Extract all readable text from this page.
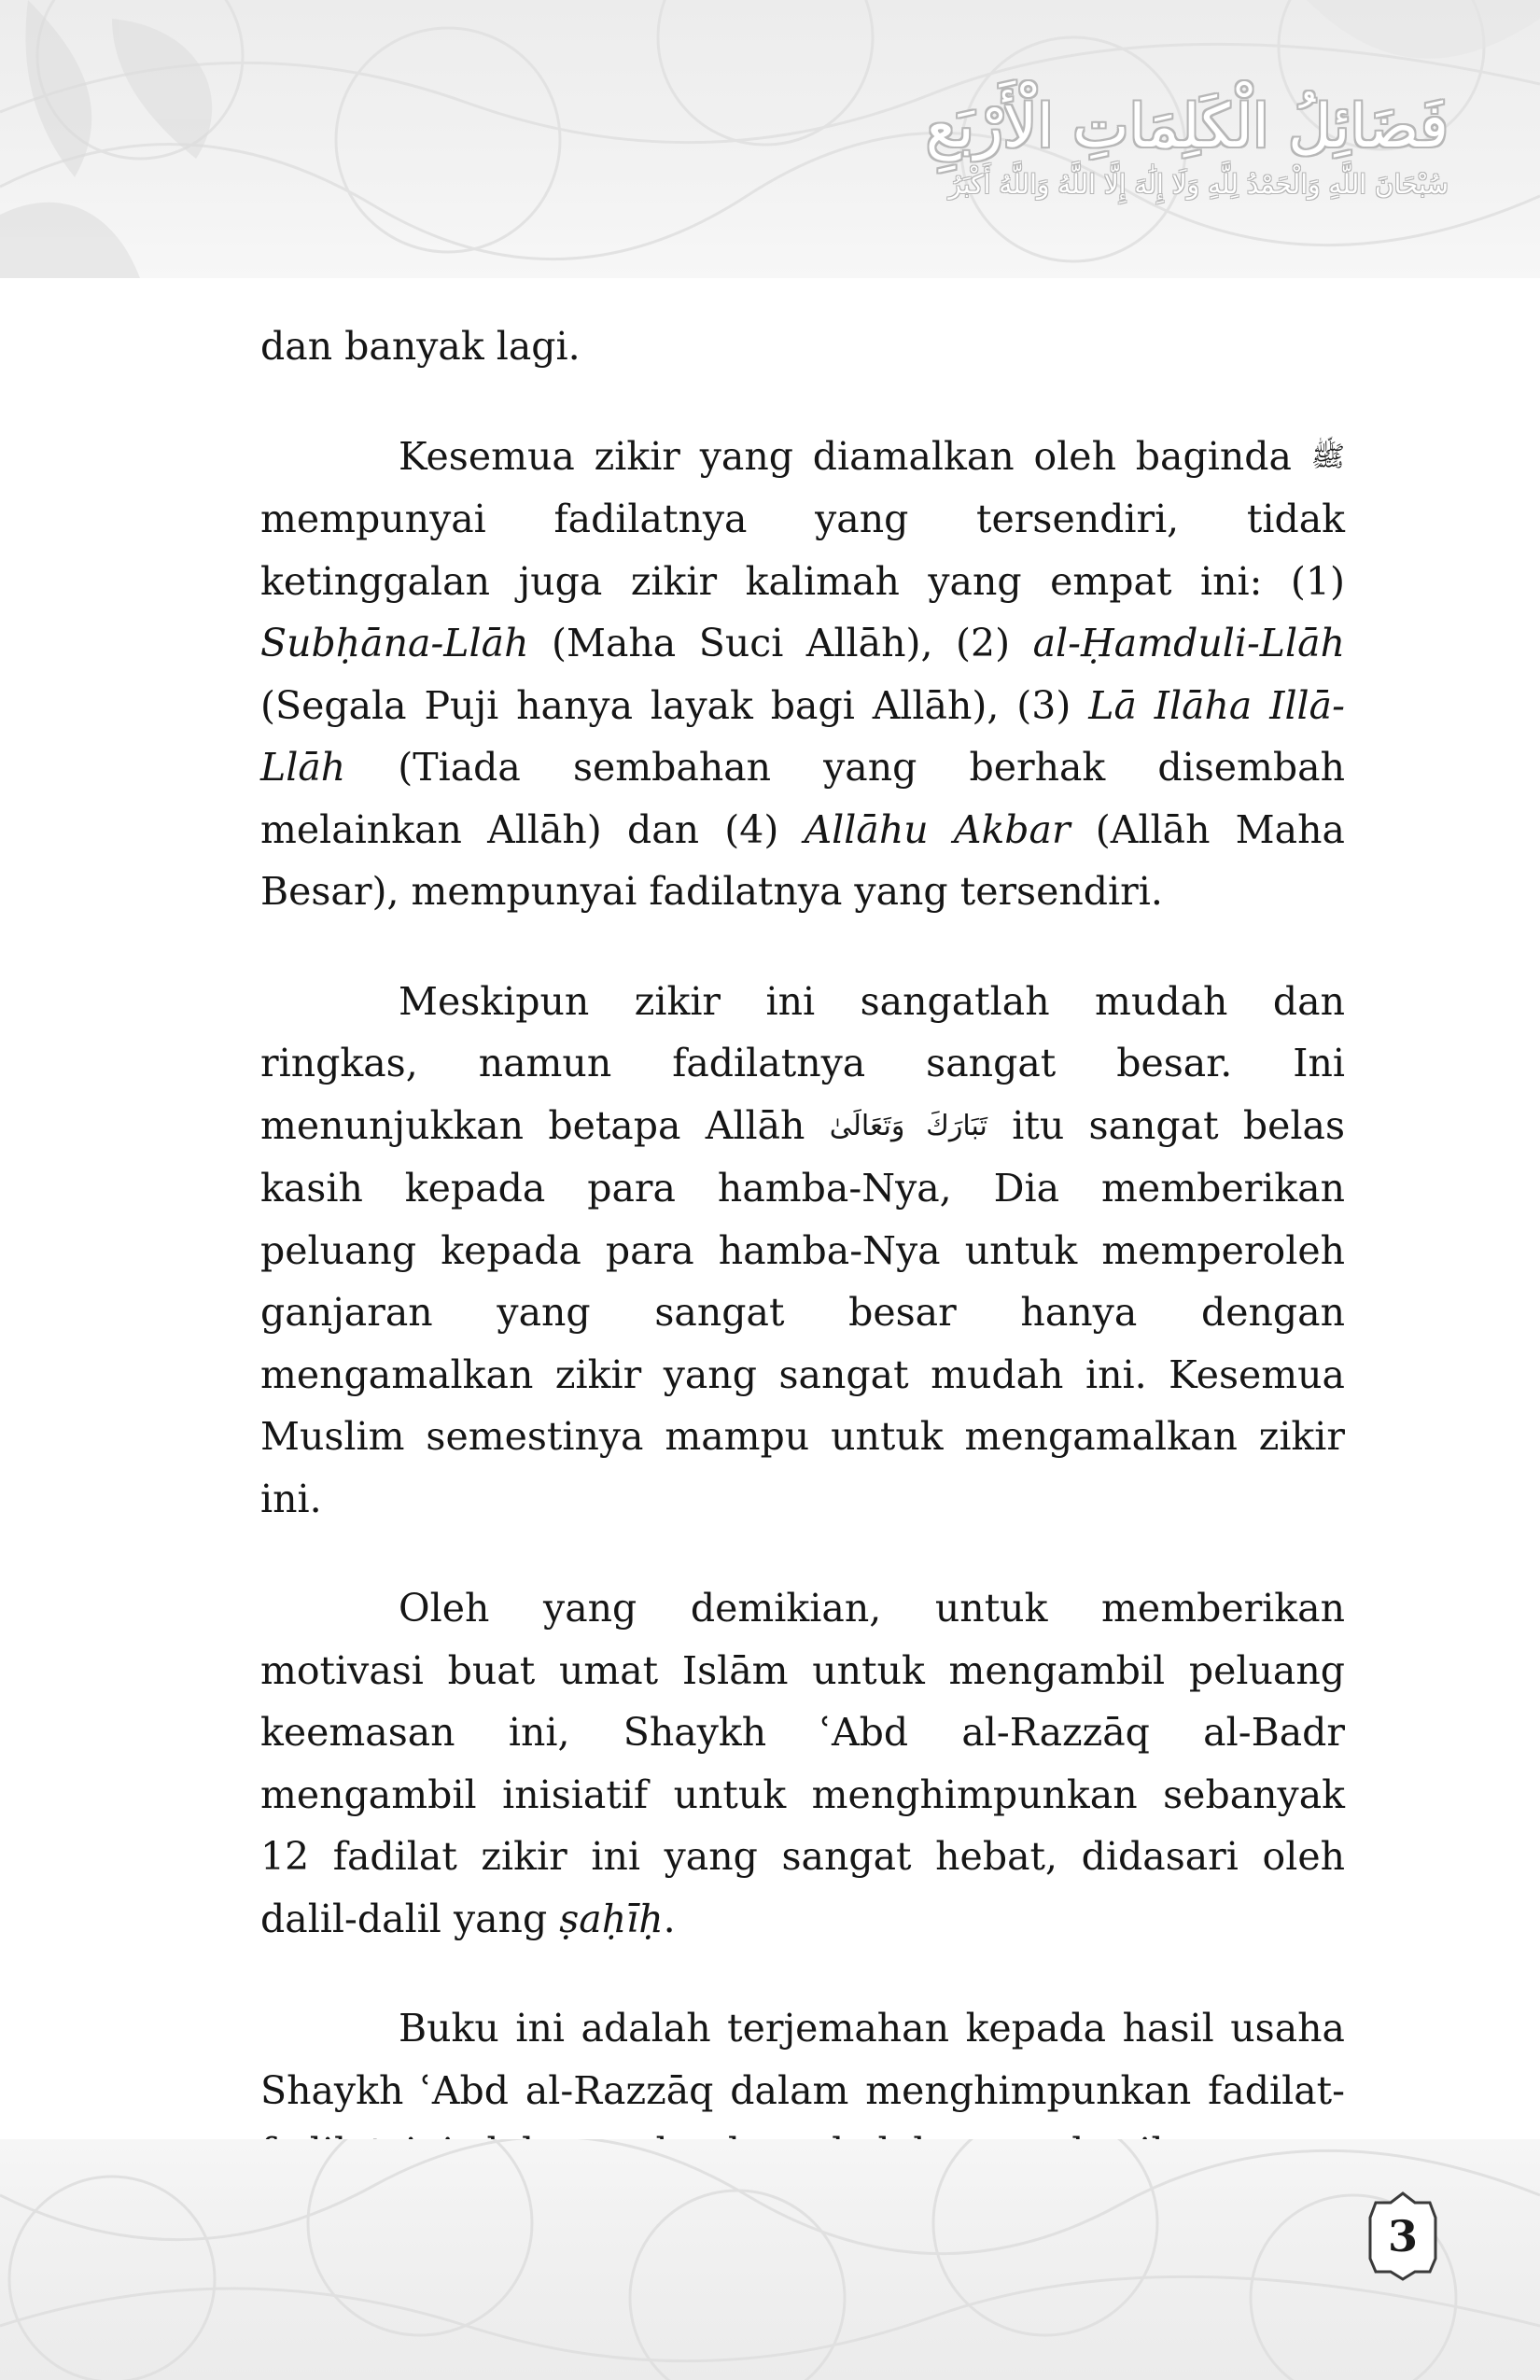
فَضَائِلُ الْكَلِمَاتِ الْأَرْبَعِ
سُبْحَانَ اللَّهِ وَالْحَمْدُ لِلَّهِ وَلَا إِلَٰهَ إِلَّا اللَّهُ وَاللَّهُ أَكْبَرُ

dan banyak lagi.

Kesemua zikir yang diamalkan oleh baginda ﷺ mempunyai fadilatnya yang tersendiri, tidak ketinggalan juga zikir kalimah yang empat ini: (1) Subḥāna-Llāh (Maha Suci Allāh), (2) al-Ḥamduli-Llāh (Segala Puji hanya layak bagi Allāh), (3) Lā Ilāha Illā-Llāh (Tiada sembahan yang berhak disembah melainkan Allāh) dan (4) Allāhu Akbar (Allāh Maha Besar), mempunyai fadilatnya yang tersendiri.

Meskipun zikir ini sangatlah mudah dan ringkas, namun fadilatnya sangat besar. Ini menunjukkan betapa Allāh تَبَارَكَ وَتَعَالَىٰ itu sangat belas kasih kepada para hamba-Nya, Dia memberikan peluang kepada para hamba-Nya untuk memperoleh ganjaran yang sangat besar hanya dengan mengamalkan zikir yang sangat mudah ini. Kesemua Muslim semestinya mampu untuk mengamalkan zikir ini.

Oleh yang demikian, untuk memberikan motivasi buat umat Islām untuk mengambil peluang keemasan ini, Shaykh ʿAbd al-Razzāq al-Badr mengambil inisiatif untuk menghimpunkan sebanyak 12 fadilat zikir ini yang sangat hebat, didasari oleh dalil-dalil yang ṣaḥīḥ.

Buku ini adalah terjemahan kepada hasil usaha Shaykh ʿAbd al-Razzāq dalam menghimpunkan fadilat-

3
